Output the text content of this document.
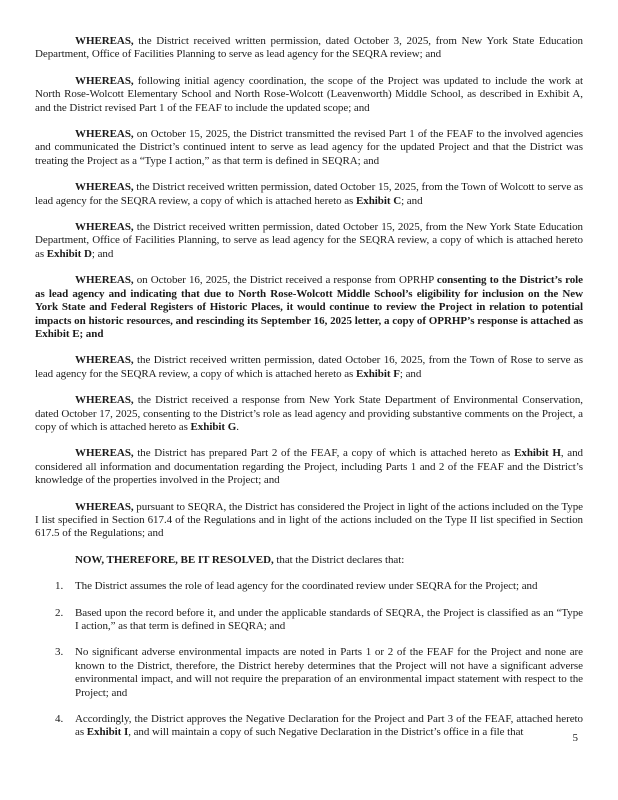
WHEREAS, the District received written permission, dated October 3, 2025, from New York State Education Department, Office of Facilities Planning to serve as lead agency for the SEQRA review; and
WHEREAS, following initial agency coordination, the scope of the Project was updated to include the work at North Rose-Wolcott Elementary School and North Rose-Wolcott (Leavenworth) Middle School, as described in Exhibit A, and the District revised Part 1 of the FEAF to include the updated scope; and
WHEREAS, on October 15, 2025, the District transmitted the revised Part 1 of the FEAF to the involved agencies and communicated the District’s continued intent to serve as lead agency for the updated Project and that the District was treating the Project as a “Type I action,” as that term is defined in SEQRA; and
WHEREAS, the District received written permission, dated October 15, 2025, from the Town of Wolcott to serve as lead agency for the SEQRA review, a copy of which is attached hereto as Exhibit C; and
WHEREAS, the District received written permission, dated October 15, 2025, from the New York State Education Department, Office of Facilities Planning, to serve as lead agency for the SEQRA review, a copy of which is attached hereto as Exhibit D; and
WHEREAS, on October 16, 2025, the District received a response from OPRHP consenting to the District’s role as lead agency and indicating that due to North Rose-Wolcott Middle School’s eligibility for inclusion on the New York State and Federal Registers of Historic Places, it would continue to review the Project in relation to potential impacts on historic resources, and rescinding its September 16, 2025 letter, a copy of OPRHP’s response is attached as Exhibit E; and
WHEREAS, the District received written permission, dated October 16, 2025, from the Town of Rose to serve as lead agency for the SEQRA review, a copy of which is attached hereto as Exhibit F; and
WHEREAS, the District received a response from New York State Department of Environmental Conservation, dated October 17, 2025, consenting to the District’s role as lead agency and providing substantive comments on the Project, a copy of which is attached hereto as Exhibit G.
WHEREAS, the District has prepared Part 2 of the FEAF, a copy of which is attached hereto as Exhibit H, and considered all information and documentation regarding the Project, including Parts 1 and 2 of the FEAF and the District’s knowledge of the properties involved in the Project; and
WHEREAS, pursuant to SEQRA, the District has considered the Project in light of the actions included on the Type I list specified in Section 617.4 of the Regulations and in light of the actions included on the Type II list specified in Section 617.5 of the Regulations; and
NOW, THEREFORE, BE IT RESOLVED, that the District declares that:
1. The District assumes the role of lead agency for the coordinated review under SEQRA for the Project; and
2. Based upon the record before it, and under the applicable standards of SEQRA, the Project is classified as an “Type I action,” as that term is defined in SEQRA; and
3. No significant adverse environmental impacts are noted in Parts 1 or 2 of the FEAF for the Project and none are known to the District, therefore, the District hereby determines that the Project will not have a significant adverse environmental impact, and will not require the preparation of an environmental impact statement with respect to the Project; and
4. Accordingly, the District approves the Negative Declaration for the Project and Part 3 of the FEAF, attached hereto as Exhibit I, and will maintain a copy of such Negative Declaration in the District’s office in a file that	5
